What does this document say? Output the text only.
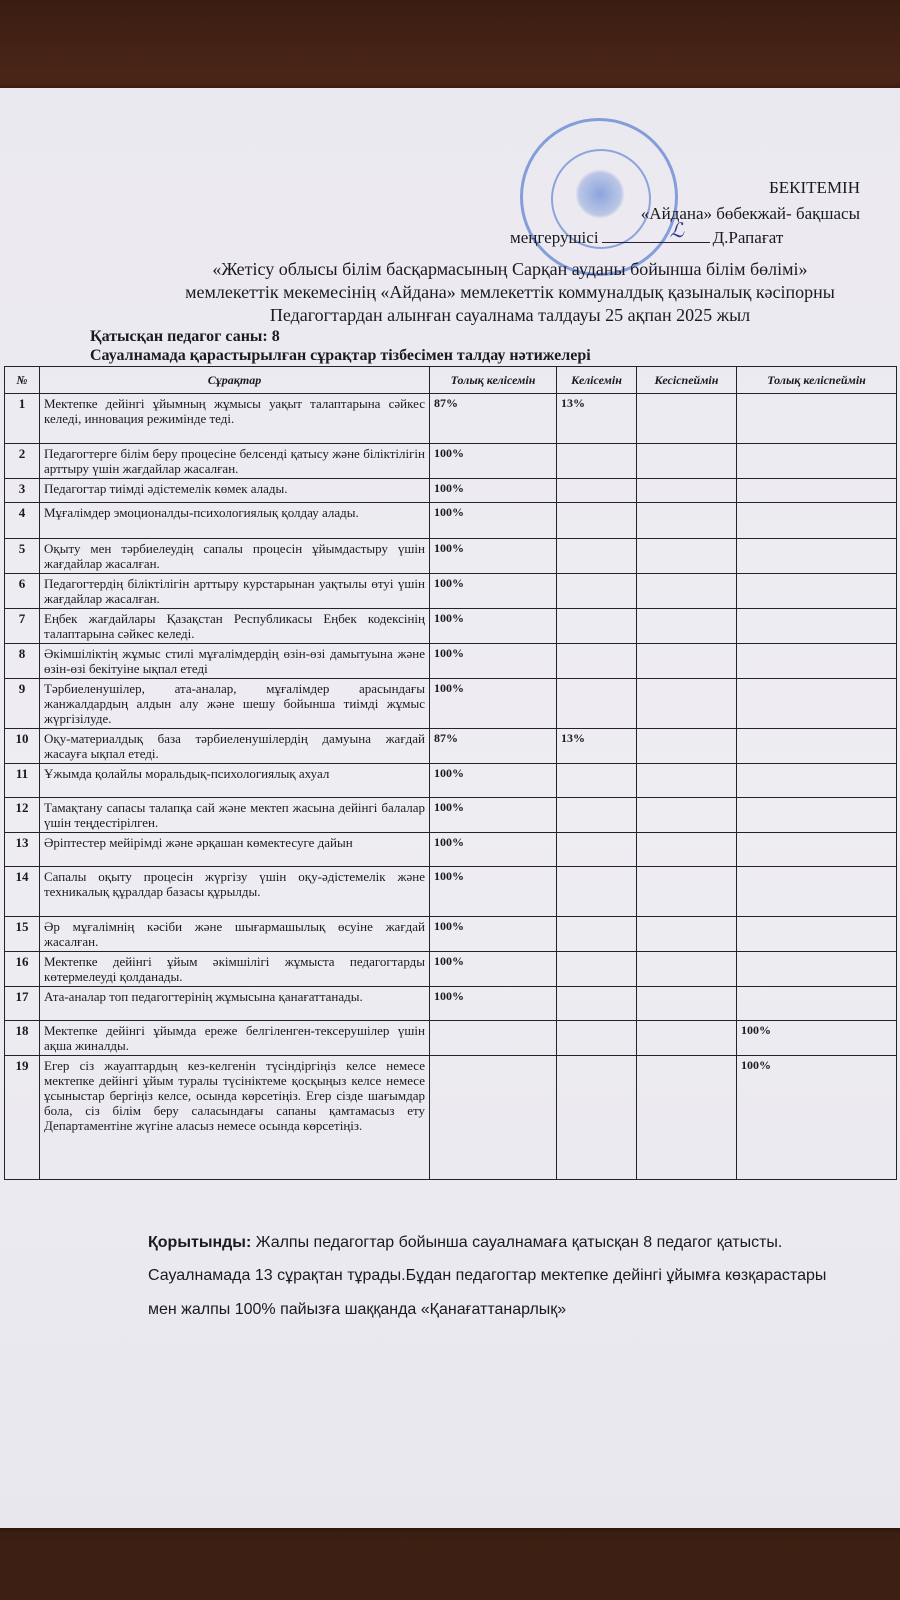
БЕКІТЕМІН
«Айдана» бөбекжай- бақшасы
меңгерушісі	ℒ Д.Рапағат
«Жетісу облысы білім басқармасының Сарқан ауданы бойынша білім бөлімі»
мемлекеттік мекемесінің «Айдана» мемлекеттік коммуналдық қазыналық кәсіпорны
Педагогтардан алынған сауалнама талдауы 25 ақпан 2025 жыл
Қатысқан педагог саны: 8
Сауалнамада қарастырылған сұрақтар тізбесімен талдау нәтижелері
№	Сұрақтар	Толық келісемін	Келісемін	Кесіспеймін	Толық келіспеймін
1	Мектепке дейінгі ұйымның жұмысы уақыт талаптарына сәйкес келеді, инновация режимінде теді.	87%	13%		
2	Педагогтерге білім беру процесіне белсенді қатысу және біліктілігін арттыру үшін жағдайлар жасалған.	100%			
3	Педагогтар тиімді әдістемелік көмек алады.	100%			
4	Мұғалімдер эмоционалды-психологиялық қолдау алады.	100%			
5	Оқыту мен тәрбиелеудің сапалы процесін ұйымдастыру үшін жағдайлар жасалған.	100%			
6	Педагогтердің біліктілігін арттыру курстарынан уақтылы өтуі үшін жағдайлар жасалған.	100%			
7	Еңбек жағдайлары Қазақстан Республикасы Еңбек кодексінің талаптарына сәйкес келеді.	100%			
8	Әкімшіліктің жұмыс стилі мұғалімдердің өзін-өзі дамытуына және өзін-өзі бекітуіне ықпал етеді	100%			
9	Тәрбиеленушілер, ата-аналар, мұғалімдер арасындағы жанжалдардың алдын алу және шешу бойынша тиімді жұмыс жүргізілуде.	100%			
10	Оқу-материалдық база тәрбиеленушілердің дамуына жағдай жасауға ықпал етеді.	87%	13%		
11	Ұжымда қолайлы моральдық-психологиялық ахуал	100%			
12	Тамақтану сапасы талапқа сай және мектеп жасына дейінгі балалар үшін теңдестірілген.	100%			
13	Әріптестер мейірімді және әрқашан көмектесуге дайын	100%			
14	Сапалы оқыту процесін жүргізу үшін оқу-әдістемелік және техникалық құралдар базасы құрылды.	100%			
15	Әр мұғалімнің кәсіби және шығармашылық өсуіне жағдай жасалған.	100%			
16	Мектепке дейінгі ұйым әкімшілігі жұмыста педагогтарды көтермелеуді қолданады.	100%			
17	Ата-аналар топ педагогтерінің жұмысына қанағаттанады.	100%			
18	Мектепке дейінгі ұйымда ереже белгіленген-тексерушілер үшін ақша жиналды.				100%
19	Егер сіз жауаптардың кез-келгенін түсіндіргіңіз келсе немесе мектепке дейінгі ұйым туралы түсініктеме қосқыңыз келсе немесе ұсыныстар бергіңіз келсе, осында көрсетіңіз. Егер сізде шағымдар бола, сіз білім беру саласындағы сапаны қамтамасыз ету Департаментіне жүгіне аласыз немесе осында көрсетіңіз.				100%
Қорытынды: Жалпы педагогтар бойынша сауалнамаға қатысқан 8 педагог қатысты.
Сауалнамада 13 сұрақтан тұрады.Бұдан педагогтар мектепке дейінгі ұйымға көзқарастары
мен жалпы 100% пайызға шаққанда «Қанағаттанарлық»
